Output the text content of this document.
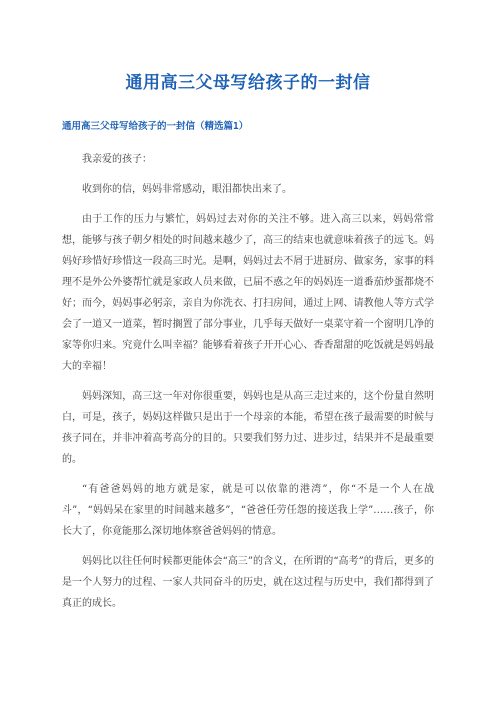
通用高三父母写给孩子的一封信
通用高三父母写给孩子的一封信（精选篇1）

我亲爱的孩子：

收到你的信，妈妈非常感动，眼泪都快出来了。

由于工作的压力与繁忙，妈妈过去对你的关注不够。进入高三以来，妈妈常常想，能够与孩子朝夕相处的时间越来越少了，高三的结束也就意味着孩子的远飞。妈妈好珍惜好珍惜这一段高三时光。是啊，妈妈过去不屑于进厨房、做家务，家事的料理不是外公外婆帮忙就是家政人员来做，已届不惑之年的妈妈连一道番茄炒蛋都烧不好；而今，妈妈事必躬亲，亲自为你洗衣、打扫房间，通过上网、请教他人等方式学会了一道又一道菜，暂时搁置了部分事业，几乎每天做好一桌菜守着一个窗明几净的家等你归来。究竟什么叫幸福？能够看着孩子开开心心、香香甜甜的吃饭就是妈妈最大的幸福！

妈妈深知，高三这一年对你很重要，妈妈也是从高三走过来的，这个份量自然明白，可是，孩子，妈妈这样做只是出于一个母亲的本能，希望在孩子最需要的时候与孩子同在，并非冲着高考高分的目的。只要我们努力过、进步过，结果并不是最重要的。

“有爸爸妈妈的地方就是家，就是可以依靠的港湾”，你“不是一个人在战斗”，“妈妈呆在家里的时间越来越多”，“爸爸任劳任怨的接送我上学”……孩子，你长大了，你竟能那么深切地体察爸爸妈妈的情意。

妈妈比以往任何时候都更能体会“高三”的含义，在所谓的“高考”的背后，更多的是一个人努力的过程、一家人共同奋斗的历史，就在这过程与历史中，我们都得到了真正的成长。
